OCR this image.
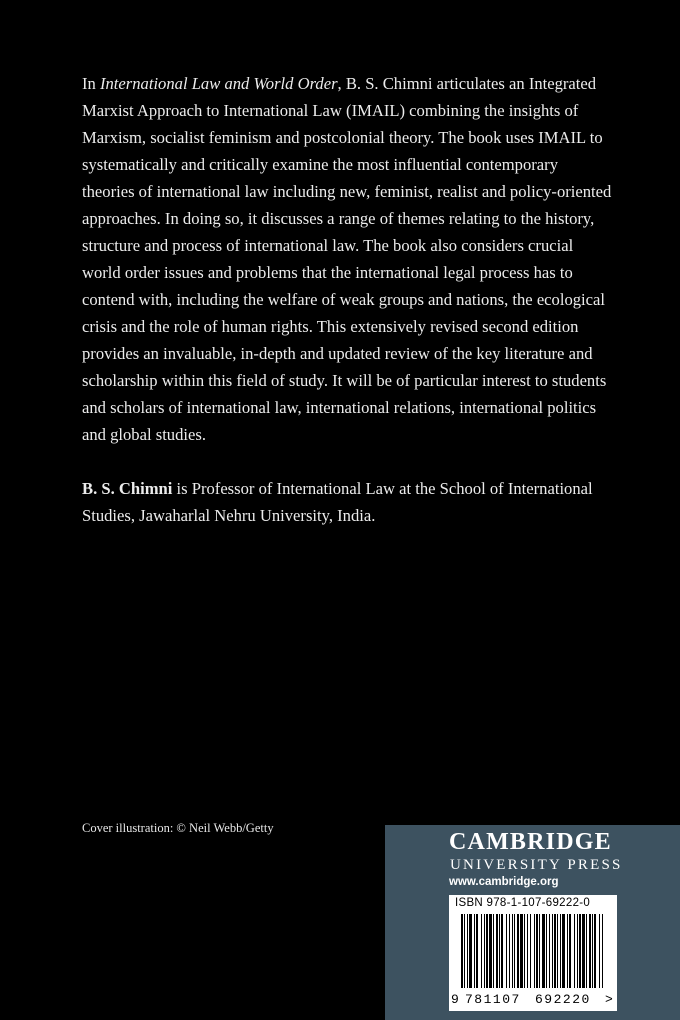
In International Law and World Order, B. S. Chimni articulates an Integrated Marxist Approach to International Law (IMAIL) combining the insights of Marxism, socialist feminism and postcolonial theory. The book uses IMAIL to systematically and critically examine the most influential contemporary theories of international law including new, feminist, realist and policy-oriented approaches. In doing so, it discusses a range of themes relating to the history, structure and process of international law. The book also considers crucial world order issues and problems that the international legal process has to contend with, including the welfare of weak groups and nations, the ecological crisis and the role of human rights. This extensively revised second edition provides an invaluable, in-depth and updated review of the key literature and scholarship within this field of study. It will be of particular interest to students and scholars of international law, international relations, international politics and global studies.

B. S. Chimni is Professor of International Law at the School of International Studies, Jawaharlal Nehru University, India.

Cover illustration: © Neil Webb/Getty
CAMBRIDGE
UNIVERSITY PRESS
www.cambridge.org
ISBN 978-1-107-69222-0
9 781107 692220 >
